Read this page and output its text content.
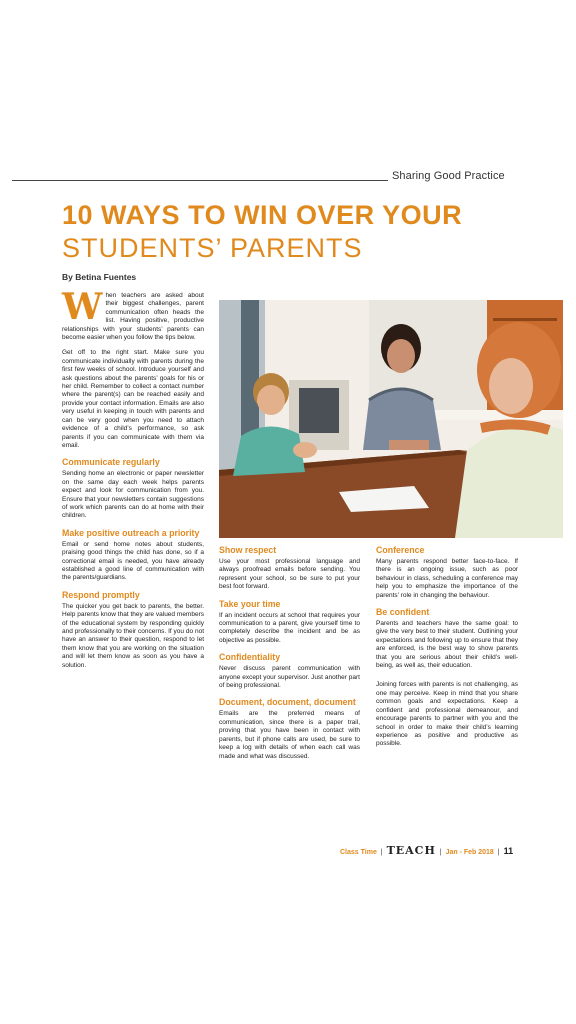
Sharing Good Practice
10 WAYS TO WIN OVER YOUR
STUDENTS’ PARENTS
By Betina Fuentes

When teachers are asked about their biggest challenges, parent communication often heads the list. Having positive, productive relationships with your students’ parents can become easier when you follow the tips below.

Get off to the right start. Make sure you communicate individually with parents during the first few weeks of school. Introduce yourself and ask questions about the parents’ goals for his or her child. Remember to collect a contact number where the parent(s) can be reached easily and provide your contact information. Emails are also very useful in keeping in touch with parents and can be very good when you need to attach evidence of a child’s performance, so ask parents if you can communicate with them via email.

Communicate regularly

Sending home an electronic or paper newsletter on the same day each week helps parents expect and look for communication from you. Ensure that your newsletters contain suggestions of work which parents can do at home with their children.

Make positive outreach a priority

Email or send home notes about students, praising good things the child has done, so if a correctional email is needed, you have already established a good line of communication with the parents/guardians.

Respond promptly

The quicker you get back to parents, the better. Help parents know that they are valued members of the educational system by responding quickly and professionally to their concerns. If you do not have an answer to their question, respond to let them know that you are working on the situation and will let them know as soon as you have a solution.

Show respect

Use your most professional language and always proofread emails before sending. You represent your school, so be sure to put your best foot forward.

Take your time

If an incident occurs at school that requires your communication to a parent, give yourself time to completely describe the incident and be as objective as possible.

Confidentiality

Never discuss parent communication with anyone except your supervisor. Just another part of being professional.

Document, document, document

Emails are the preferred means of communication, since there is a paper trail, proving that you have been in contact with parents, but if phone calls are used, be sure to keep a log with details of when each call was made and what was discussed.

Conference

Many parents respond better face-to-face. If there is an ongoing issue, such as poor behaviour in class, scheduling a conference may help you to emphasize the importance of the parents’ role in changing the behaviour.

Be confident

Parents and teachers have the same goal: to give the very best to their student. Outlining your expectations and following up to ensure that they are enforced, is the best way to show parents that you are serious about their child’s well-being, as well as, their education.

Joining forces with parents is not challenging, as one may perceive. Keep in mind that you share common goals and expectations. Keep a confident and professional demeanour, and encourage parents to partner with you and the school in order to make their child’s learning experience as positive and productive as possible.

Class Time | TEACH | Jan - Feb 2018 | 11
